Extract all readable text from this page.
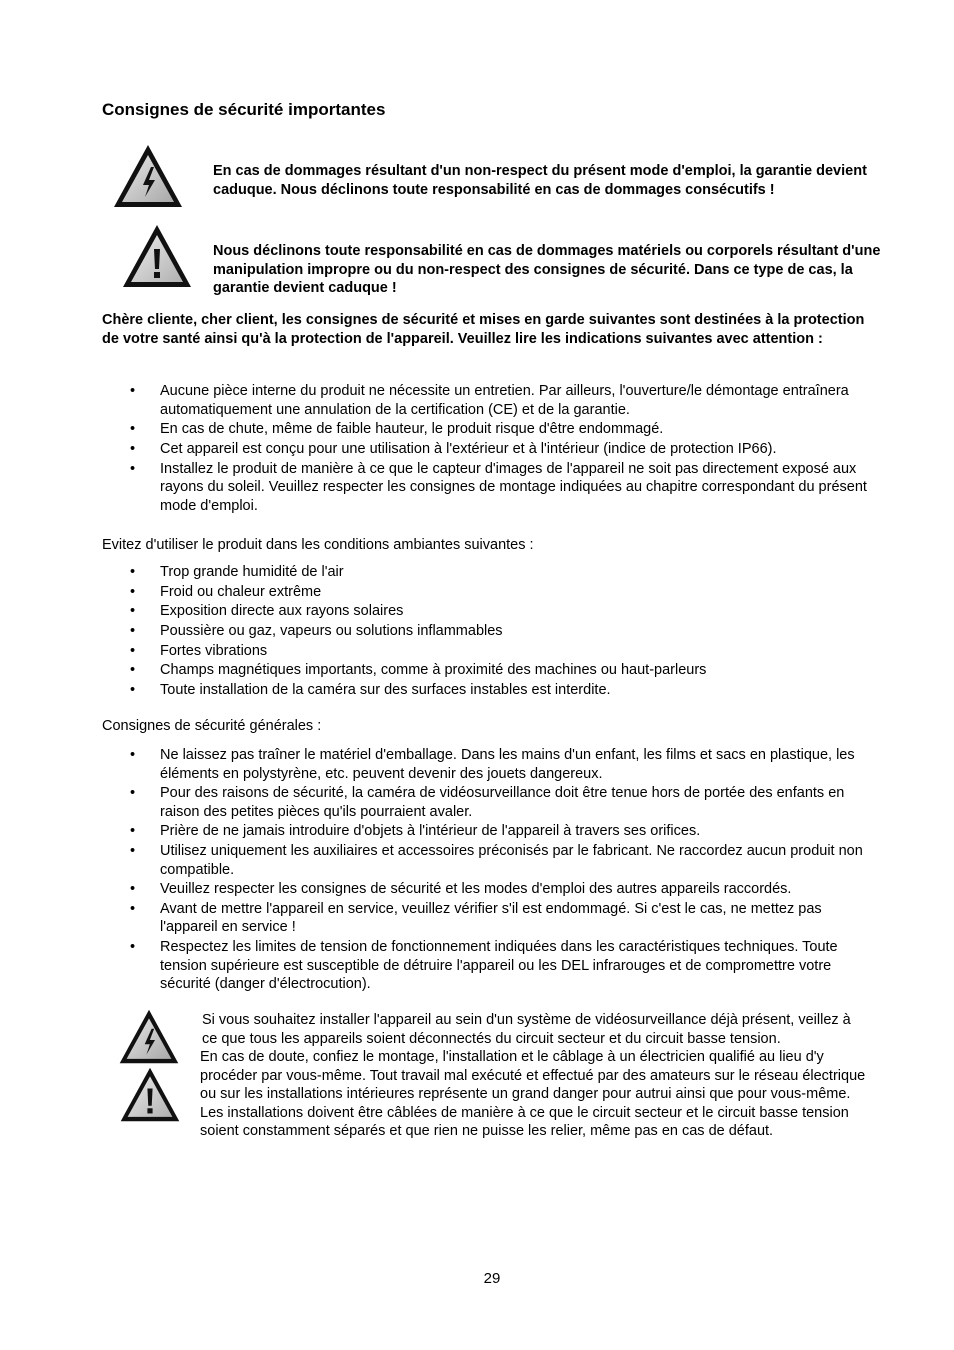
Consignes de sécurité importantes
En cas de dommages résultant d'un non-respect du présent mode d'emploi, la garantie devient caduque. Nous déclinons toute responsabilité en cas de dommages consécutifs !
Nous déclinons toute responsabilité en cas de dommages matériels ou corporels résultant d'une manipulation impropre ou du non-respect des consignes de sécurité. Dans ce type de cas, la garantie devient caduque !
Chère cliente, cher client, les consignes de sécurité et mises en garde suivantes sont destinées à la protection de votre santé ainsi qu'à la protection de l'appareil. Veuillez lire les indications suivantes avec attention :
• Aucune pièce interne du produit ne nécessite un entretien. Par ailleurs, l'ouverture/le démontage entraînera automatiquement une annulation de la certification (CE) et de la garantie.
• En cas de chute, même de faible hauteur, le produit risque d'être endommagé.
• Cet appareil est conçu pour une utilisation à l'extérieur et à l'intérieur (indice de protection IP66).
• Installez le produit de manière à ce que le capteur d'images de l'appareil ne soit pas directement exposé aux rayons du soleil. Veuillez respecter les consignes de montage indiquées au chapitre correspondant du présent mode d'emploi.
Evitez d'utiliser le produit dans les conditions ambiantes suivantes :
• Trop grande humidité de l'air
• Froid ou chaleur extrême
• Exposition directe aux rayons solaires
• Poussière ou gaz, vapeurs ou solutions inflammables
• Fortes vibrations
• Champs magnétiques importants, comme à proximité des machines ou haut-parleurs
• Toute installation de la caméra sur des surfaces instables est interdite.
Consignes de sécurité générales :
• Ne laissez pas traîner le matériel d'emballage. Dans les mains d'un enfant, les films et sacs en plastique, les éléments en polystyrène, etc. peuvent devenir des jouets dangereux.
• Pour des raisons de sécurité, la caméra de vidéosurveillance doit être tenue hors de portée des enfants en raison des petites pièces qu'ils pourraient avaler.
• Prière de ne jamais introduire d'objets à l'intérieur de l'appareil à travers ses orifices.
• Utilisez uniquement les auxiliaires et accessoires préconisés par le fabricant. Ne raccordez aucun produit non compatible.
• Veuillez respecter les consignes de sécurité et les modes d'emploi des autres appareils raccordés.
• Avant de mettre l'appareil en service, veuillez vérifier s'il est endommagé. Si c'est le cas, ne mettez pas l'appareil en service !
• Respectez les limites de tension de fonctionnement indiquées dans les caractéristiques techniques. Toute tension supérieure est susceptible de détruire l'appareil ou les DEL infrarouges et de compromettre votre sécurité (danger d'électrocution).

Si vous souhaitez installer l'appareil au sein d'un système de vidéosurveillance déjà présent, veillez à ce que tous les appareils soient déconnectés du circuit secteur et du circuit basse tension.

En cas de doute, confiez le montage, l'installation et le câblage à un électricien qualifié au lieu d'y procéder par vous-même. Tout travail mal exécuté et effectué par des amateurs sur le réseau électrique ou sur les installations intérieures représente un grand danger pour autrui ainsi que pour vous-même.

Les installations doivent être câblées de manière à ce que le circuit secteur et le circuit basse tension soient constamment séparés et que rien ne puisse les relier, même pas en cas de défaut.

29
